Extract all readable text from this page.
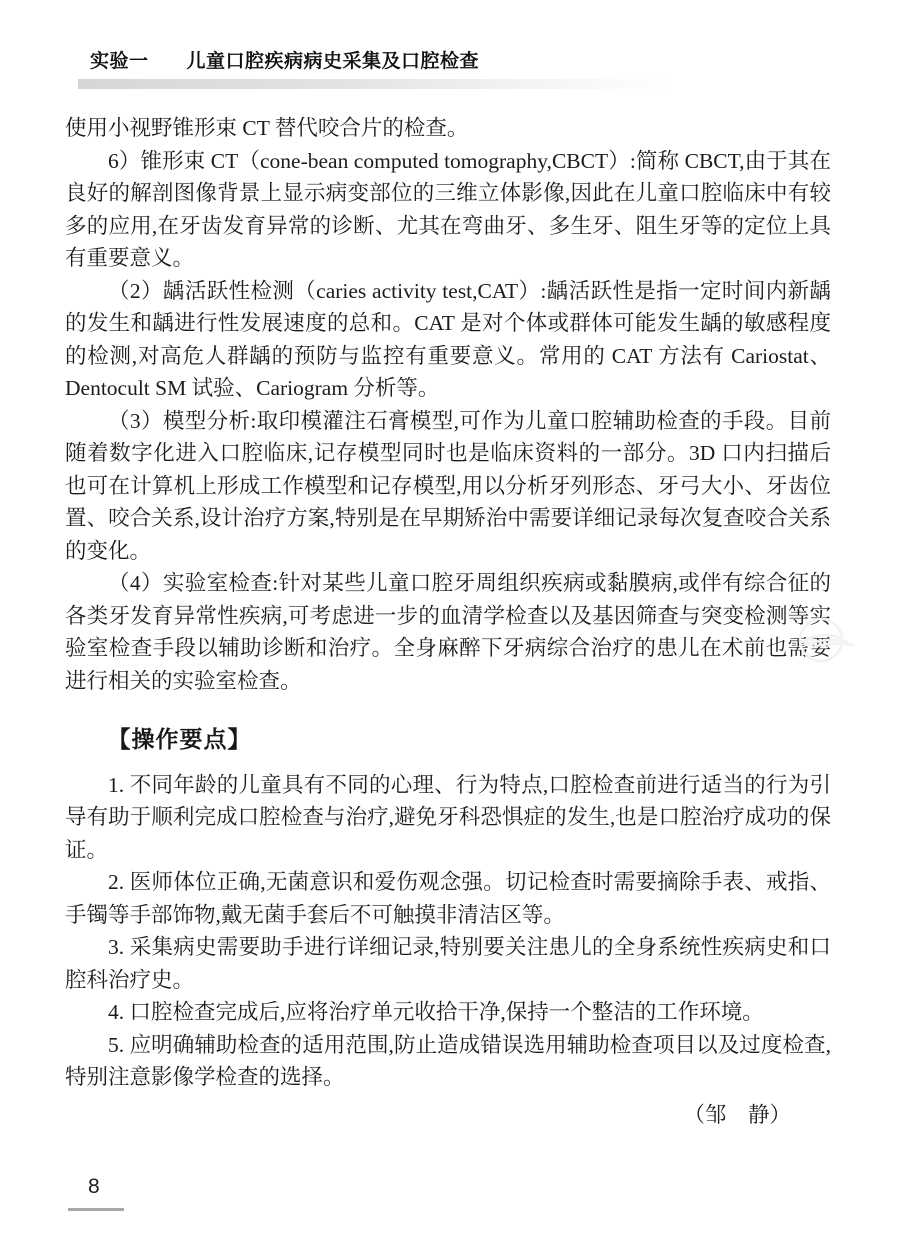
实验一 儿童口腔疾病病史采集及口腔检查

使用小视野锥形束 CT 替代咬合片的检查。

6）锥形束 CT（cone-bean computed tomography,CBCT）:简称 CBCT,由于其在良好的解剖图像背景上显示病变部位的三维立体影像,因此在儿童口腔临床中有较多的应用,在牙齿发育异常的诊断、尤其在弯曲牙、多生牙、阻生牙等的定位上具有重要意义。

（2）龋活跃性检测（caries activity test,CAT）:龋活跃性是指一定时间内新龋的发生和龋进行性发展速度的总和。CAT 是对个体或群体可能发生龋的敏感程度的检测,对高危人群龋的预防与监控有重要意义。常用的 CAT 方法有 Cariostat、Dentocult SM 试验、Cariogram 分析等。

（3）模型分析:取印模灌注石膏模型,可作为儿童口腔辅助检查的手段。目前随着数字化进入口腔临床,记存模型同时也是临床资料的一部分。3D 口内扫描后也可在计算机上形成工作模型和记存模型,用以分析牙列形态、牙弓大小、牙齿位置、咬合关系,设计治疗方案,特别是在早期矫治中需要详细记录每次复查咬合关系的变化。

（4）实验室检查:针对某些儿童口腔牙周组织疾病或黏膜病,或伴有综合征的各类牙发育异常性疾病,可考虑进一步的血清学检查以及基因筛查与突变检测等实验室检查手段以辅助诊断和治疗。全身麻醉下牙病综合治疗的患儿在术前也需要进行相关的实验室检查。

【操作要点】

1. 不同年龄的儿童具有不同的心理、行为特点,口腔检查前进行适当的行为引导有助于顺利完成口腔检查与治疗,避免牙科恐惧症的发生,也是口腔治疗成功的保证。

2. 医师体位正确,无菌意识和爱伤观念强。切记检查时需要摘除手表、戒指、手镯等手部饰物,戴无菌手套后不可触摸非清洁区等。

3. 采集病史需要助手进行详细记录,特别要关注患儿的全身系统性疾病史和口腔科治疗史。

4. 口腔检查完成后,应将治疗单元收拾干净,保持一个整洁的工作环境。

5. 应明确辅助检查的适用范围,防止造成错误选用辅助检查项目以及过度检查,特别注意影像学检查的选择。

（邹　静）

8
